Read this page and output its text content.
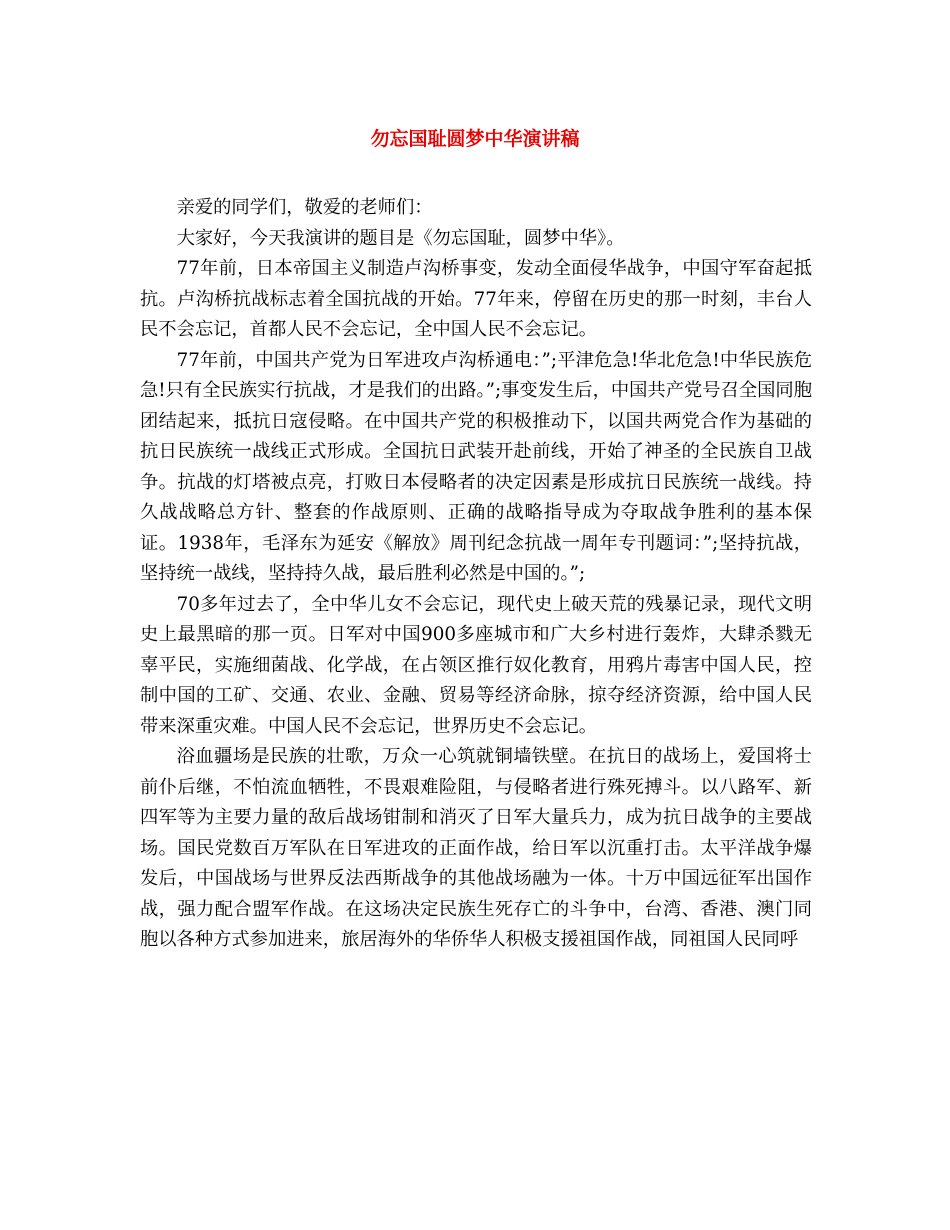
勿忘国耻圆梦中华演讲稿

亲爱的同学们，敬爱的老师们：

大家好，今天我演讲的题目是《勿忘国耻，圆梦中华》。

77年前，日本帝国主义制造卢沟桥事变，发动全面侵华战争，中国守军奋起抵抗。卢沟桥抗战标志着全国抗战的开始。77年来，停留在历史的那一时刻，丰台人民不会忘记，首都人民不会忘记，全中国人民不会忘记。

77年前，中国共产党为日军进攻卢沟桥通电：”;平津危急!华北危急!中华民族危急!只有全民族实行抗战，才是我们的出路。”;事变发生后，中国共产党号召全国同胞团结起来，抵抗日寇侵略。在中国共产党的积极推动下，以国共两党合作为基础的抗日民族统一战线正式形成。全国抗日武装开赴前线，开始了神圣的全民族自卫战争。抗战的灯塔被点亮，打败日本侵略者的决定因素是形成抗日民族统一战线。持久战战略总方针、整套的作战原则、正确的战略指导成为夺取战争胜利的基本保证。1938年，毛泽东为延安《解放》周刊纪念抗战一周年专刊题词：”;坚持抗战，坚持统一战线，坚持持久战，最后胜利必然是中国的。”;

70多年过去了，全中华儿女不会忘记，现代史上破天荒的残暴记录，现代文明史上最黑暗的那一页。日军对中国900多座城市和广大乡村进行轰炸，大肆杀戮无辜平民，实施细菌战、化学战，在占领区推行奴化教育，用鸦片毒害中国人民，控制中国的工矿、交通、农业、金融、贸易等经济命脉，掠夺经济资源，给中国人民带来深重灾难。中国人民不会忘记，世界历史不会忘记。

浴血疆场是民族的壮歌，万众一心筑就铜墙铁壁。在抗日的战场上，爱国将士前仆后继，不怕流血牺牲，不畏艰难险阻，与侵略者进行殊死搏斗。以八路军、新四军等为主要力量的敌后战场钳制和消灭了日军大量兵力，成为抗日战争的主要战场。国民党数百万军队在日军进攻的正面作战，给日军以沉重打击。太平洋战争爆发后，中国战场与世界反法西斯战争的其他战场融为一体。十万中国远征军出国作战，强力配合盟军作战。在这场决定民族生死存亡的斗争中，台湾、香港、澳门同胞以各种方式参加进来，旅居海外的华侨华人积极支援祖国作战，同祖国人民同呼
